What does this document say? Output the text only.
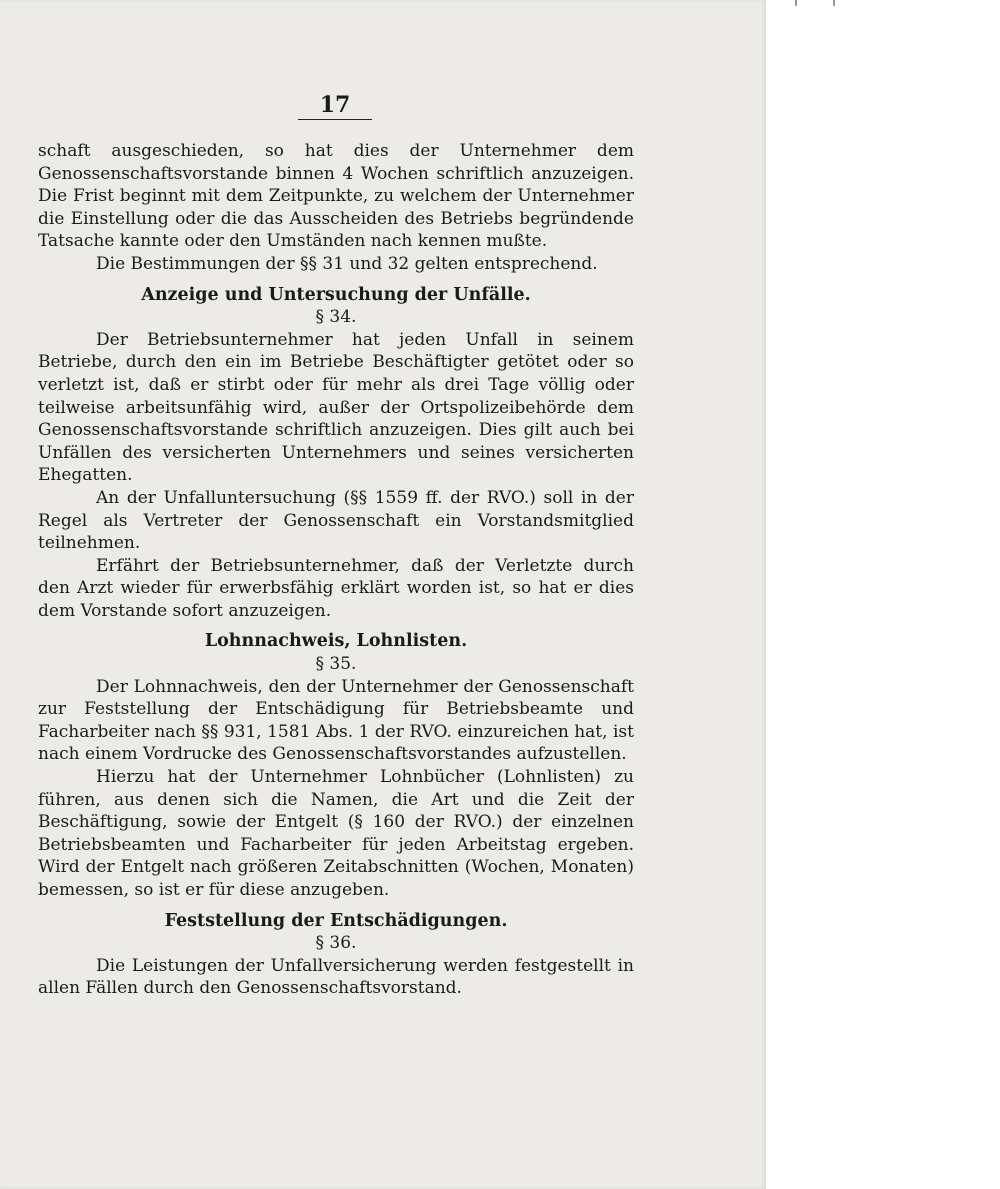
17

schaft ausgeschieden, so hat dies der Unternehmer dem Genossenschaftsvorstande binnen 4 Wochen schriftlich anzuzeigen. Die Frist beginnt mit dem Zeitpunkte, zu welchem der Unternehmer die Einstellung oder die das Ausscheiden des Betriebs begründende Tatsache kannte oder den Umständen nach kennen mußte.

Die Bestimmungen der §§ 31 und 32 gelten entsprechend.

Anzeige und Untersuchung der Unfälle.
§ 34.

Der Betriebsunternehmer hat jeden Unfall in seinem Betriebe, durch den ein im Betriebe Beschäftigter getötet oder so verletzt ist, daß er stirbt oder für mehr als drei Tage völlig oder teilweise arbeitsunfähig wird, außer der Ortspolizeibehörde dem Genossenschaftsvorstande schriftlich anzuzeigen. Dies gilt auch bei Unfällen des versicherten Unternehmers und seines versicherten Ehegatten.

An der Unfalluntersuchung (§§ 1559 ff. der RVO.) soll in der Regel als Vertreter der Genossenschaft ein Vorstandsmitglied teilnehmen.

Erfährt der Betriebsunternehmer, daß der Verletzte durch den Arzt wieder für erwerbsfähig erklärt worden ist, so hat er dies dem Vorstande sofort anzuzeigen.

Lohnnachweis, Lohnlisten.
§ 35.

Der Lohnnachweis, den der Unternehmer der Genossenschaft zur Feststellung der Entschädigung für Betriebsbeamte und Facharbeiter nach §§ 931, 1581 Abs. 1 der RVO. einzureichen hat, ist nach einem Vordrucke des Genossenschaftsvorstandes aufzustellen.

Hierzu hat der Unternehmer Lohnbücher (Lohnlisten) zu führen, aus denen sich die Namen, die Art und die Zeit der Beschäftigung, sowie der Entgelt (§ 160 der RVO.) der einzelnen Betriebsbeamten und Facharbeiter für jeden Arbeitstag ergeben. Wird der Entgelt nach größeren Zeitabschnitten (Wochen, Monaten) bemessen, so ist er für diese anzugeben.

Feststellung der Entschädigungen.
§ 36.

Die Leistungen der Unfallversicherung werden festgestellt in allen Fällen durch den Genossenschaftsvorstand.
